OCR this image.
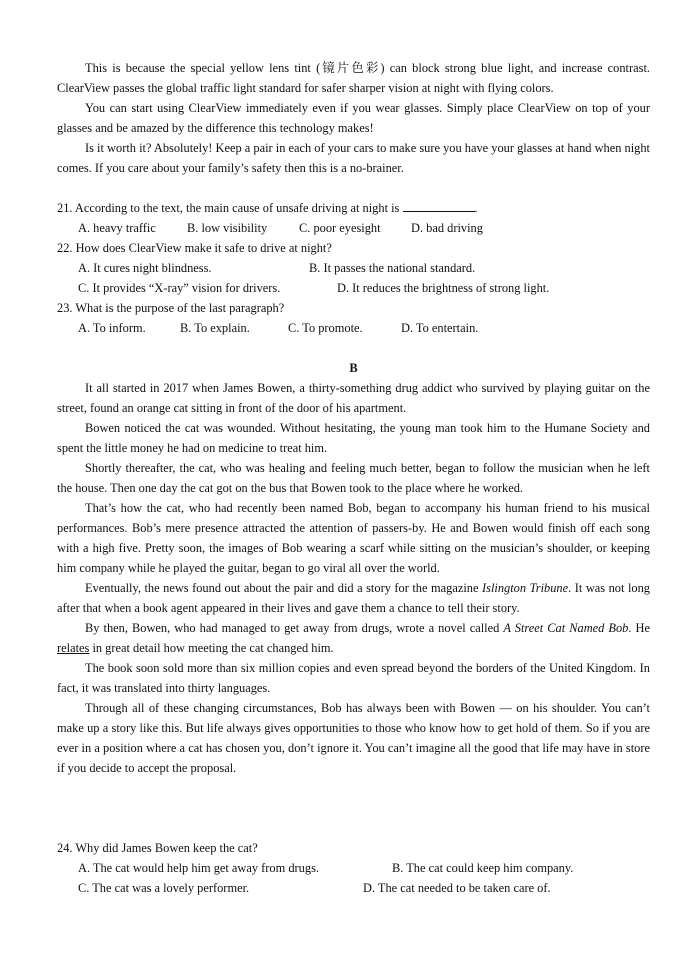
This is because the special yellow lens tint (镜片色彩) can block strong blue light, and increase contrast. ClearView passes the global traffic light standard for safer sharper vision at night with flying colors.

You can start using ClearView immediately even if you wear glasses. Simply place ClearView on top of your glasses and be amazed by the difference this technology makes!

Is it worth it? Absolutely! Keep a pair in each of your cars to make sure you have your glasses at hand when night comes. If you care about your family’s safety then this is a no-brainer.

21. According to the text, the main cause of unsafe driving at night is	.

A. heavy traffic	B. low visibility	C. poor eyesight D. bad driving

22. How does ClearView make it safe to drive at night?

A. It cures night blindness.	B. It passes the national standard.
C. It provides “X-ray” vision for drivers.	D. It reduces the brightness of strong light.

23. What is the purpose of the last paragraph?

A. To inform.	B. To explain.	C. To promote.	D. To entertain.

B

It all started in 2017 when James Bowen, a thirty-something drug addict who survived by playing guitar on the street, found an orange cat sitting in front of the door of his apartment.

Bowen noticed the cat was wounded. Without hesitating, the young man took him to the Humane Society and spent the little money he had on medicine to treat him.

Shortly thereafter, the cat, who was healing and feeling much better, began to follow the musician when he left the house. Then one day the cat got on the bus that Bowen took to the place where he worked.

That’s how the cat, who had recently been named Bob, began to accompany his human friend to his musical performances. Bob’s mere presence attracted the attention of passers-by. He and Bowen would finish off each song with a high five. Pretty soon, the images of Bob wearing a scarf while sitting on the musician’s shoulder, or keeping him company while he played the guitar, began to go viral all over the world.

Eventually, the news found out about the pair and did a story for the magazine Islington Tribune. It was not long after that when a book agent appeared in their lives and gave them a chance to tell their story.

By then, Bowen, who had managed to get away from drugs, wrote a novel called A Street Cat Named Bob. He relates in great detail how meeting the cat changed him.

The book soon sold more than six million copies and even spread beyond the borders of the United Kingdom. In fact, it was translated into thirty languages.

Through all of these changing circumstances, Bob has always been with Bowen — on his shoulder. You can’t make up a story like this. But life always gives opportunities to those who know how to get hold of them. So if you are ever in a position where a cat has chosen you, don’t ignore it. You can’t imagine all the good that life may have in store if you decide to accept the proposal.

24. Why did James Bowen keep the cat?

A. The cat would help him get away from drugs.	B. The cat could keep him company.
C. The cat was a lovely performer.	D. The cat needed to be taken care of.
